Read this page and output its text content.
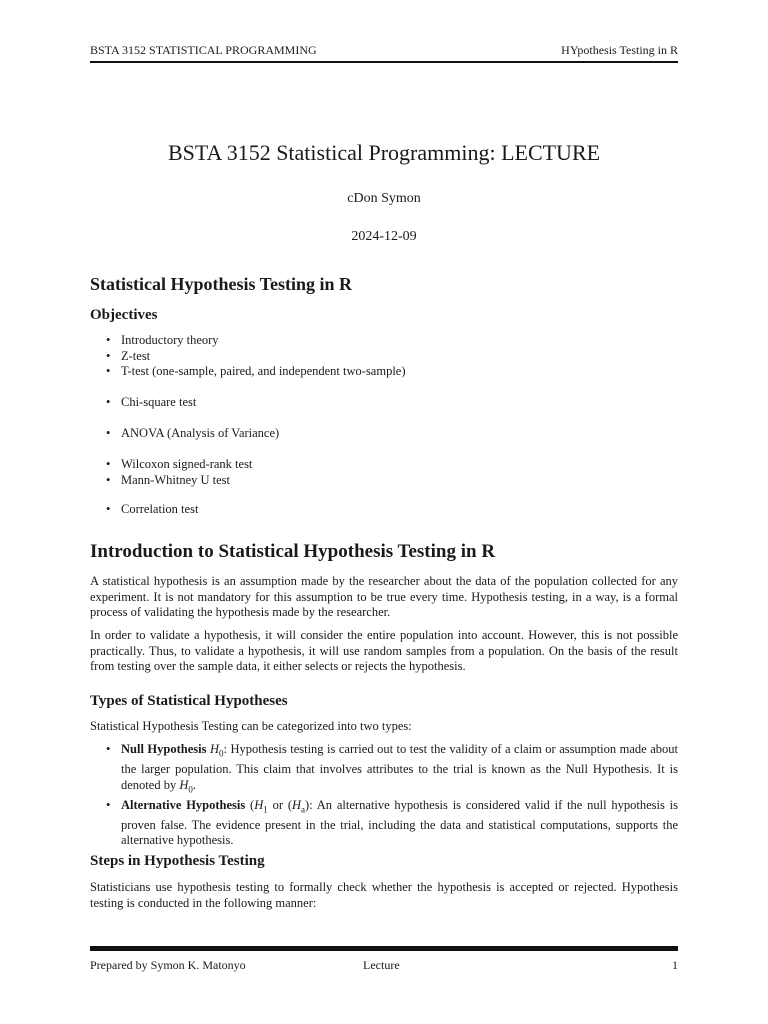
BSTA 3152 STATISTICAL PROGRAMMING	HYpothesis Testing in R
BSTA 3152 Statistical Programming: LECTURE
cDon Symon
2024-12-09
Statistical Hypothesis Testing in R
Objectives
• Introductory theory
• Z-test
• T-test (one-sample, paired, and independent two-sample)
• Chi-square test
• ANOVA (Analysis of Variance)
• Wilcoxon signed-rank test
• Mann-Whitney U test
• Correlation test
Introduction to Statistical Hypothesis Testing in R

A statistical hypothesis is an assumption made by the researcher about the data of the population collected for any experiment. It is not mandatory for this assumption to be true every time. Hypothesis testing, in a way, is a formal process of validating the hypothesis made by the researcher.

In order to validate a hypothesis, it will consider the entire population into account. However, this is not possible practically. Thus, to validate a hypothesis, it will use random samples from a population. On the basis of the result from testing over the sample data, it either selects or rejects the hypothesis.

Types of Statistical Hypotheses

Statistical Hypothesis Testing can be categorized into two types:

• Null Hypothesis $H_0$: Hypothesis testing is carried out to test the validity of a claim or assumption made about the larger population. This claim that involves attributes to the trial is known as the Null Hypothesis. It is denoted by $H_0$.
• Alternative Hypothesis ($H_1$ or $(H_a)$: An alternative hypothesis is considered valid if the null hypothesis is proven false. The evidence present in the trial, including the data and statistical computations, supports the alternative hypothesis.
Steps in Hypothesis Testing

Statisticians use hypothesis testing to formally check whether the hypothesis is accepted or rejected. Hypothesis testing is conducted in the following manner:

Prepared by Symon K. Matonyo	Lecture	1
